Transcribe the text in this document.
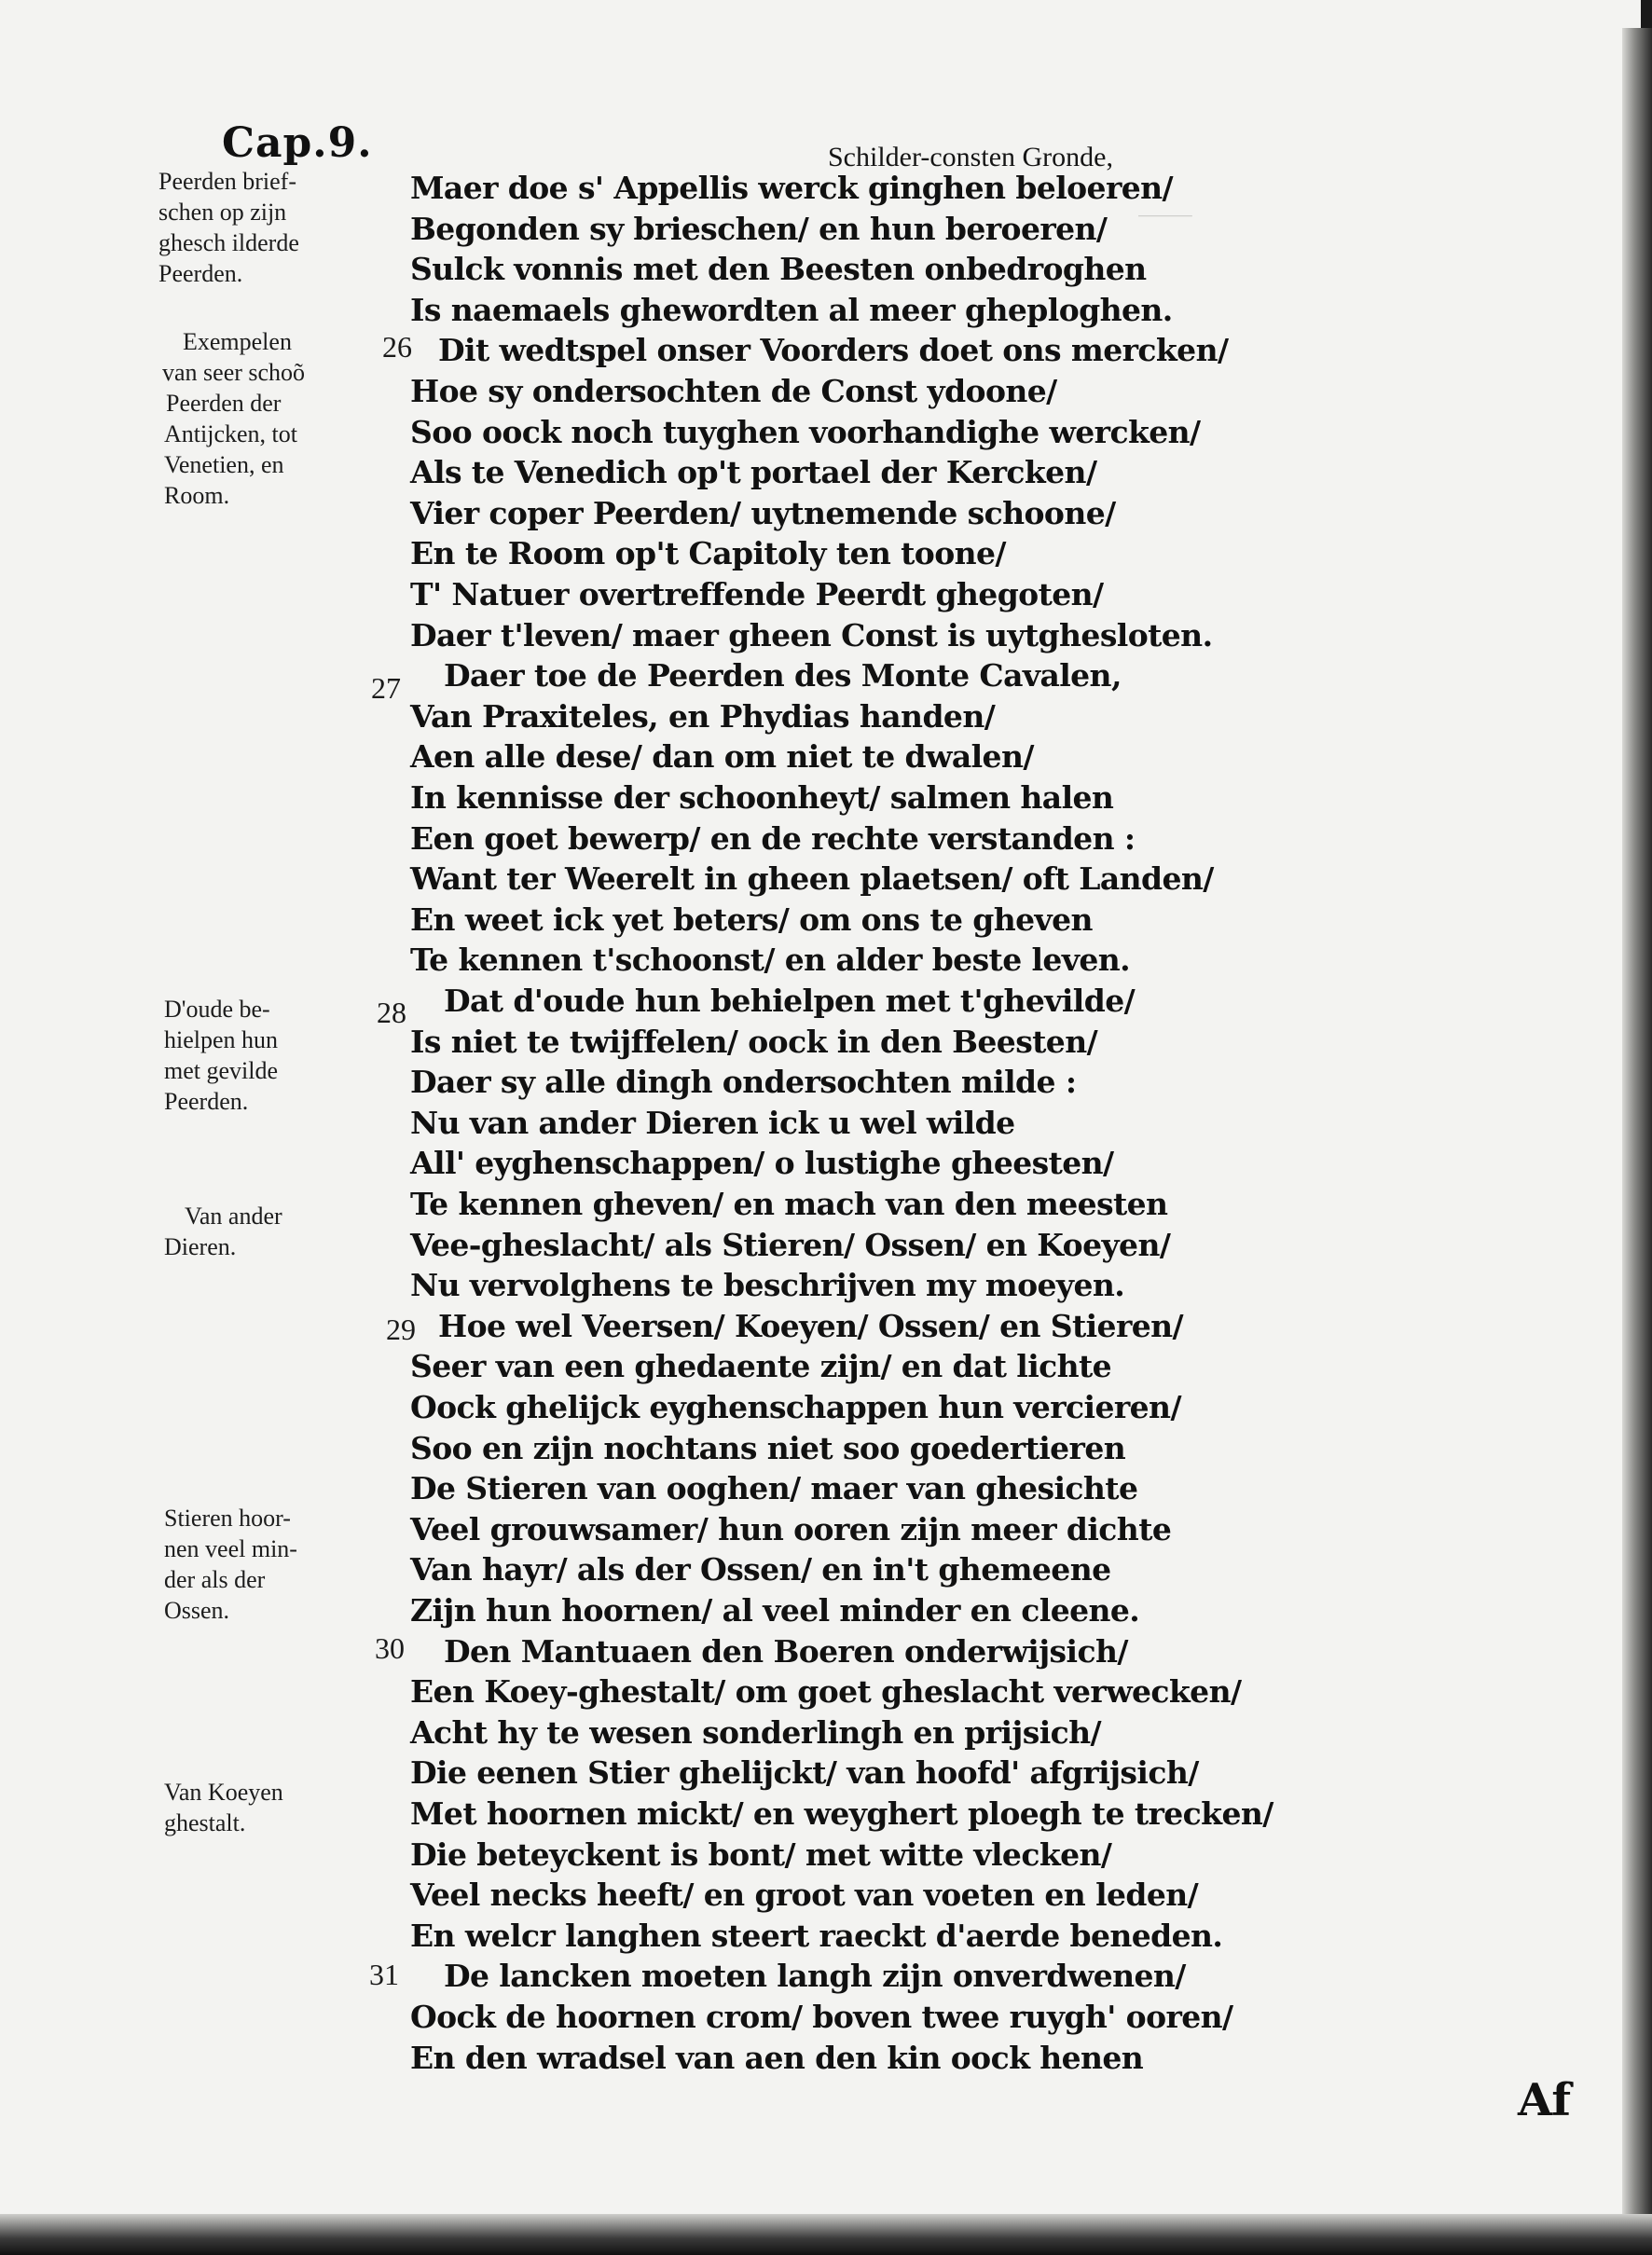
Cap.9.	Schilder-consten Gronde,
Peerden brief-
schen op zijn
ghesch ilderde
Peerden.
Exempelen
van seer schoõ
Peerden der
Antijcken, tot
Venetien, en
Room.
D'oude be-
hielpen hun
met gevilde
Peerden.
Van ander
Dieren.
Stieren hoor-
nen veel min-
der als der
Ossen.
Van Koeyen
ghestalt.
26
27
28
29
30
31
Maer doe s' Appellis werck ginghen beloeren/
Begonden sy brieschen/ en hun beroeren/
Sulck vonnis met den Beesten onbedroghen
Is naemaels ghewordten al meer gheploghen.
Dit wedtspel onser Voorders doet ons mercken/
Hoe sy ondersochten de Const ydoone/
Soo oock noch tuyghen voorhandighe wercken/
Als te Venedich op't portael der Kercken/
Vier coper Peerden/ uytnemende schoone/
En te Room op't Capitoly ten toone/
T' Natuer overtreffende Peerdt ghegoten/
Daer t'leven/ maer gheen Const is uytghesloten.
Daer toe de Peerden des Monte Cavalen,
Van Praxiteles, en Phydias handen/
Aen alle dese/ dan om niet te dwalen/
In kennisse der schoonheyt/ salmen halen
Een goet bewerp/ en de rechte verstanden :
Want ter Weerelt in gheen plaetsen/ oft Landen/
En weet ick yet beters/ om ons te gheven
Te kennen t'schoonst/ en alder beste leven.
Dat d'oude hun behielpen met t'ghevilde/
Is niet te twijffelen/ oock in den Beesten/
Daer sy alle dingh ondersochten milde :
Nu van ander Dieren ick u wel wilde
All' eyghenschappen/ o lustighe gheesten/
Te kennen gheven/ en mach van den meesten
Vee-gheslacht/ als Stieren/ Ossen/ en Koeyen/
Nu vervolghens te beschrijven my moeyen.
Hoe wel Veersen/ Koeyen/ Ossen/ en Stieren/
Seer van een ghedaente zijn/ en dat lichte
Oock ghelijck eyghenschappen hun vercieren/
Soo en zijn nochtans niet soo goedertieren
De Stieren van ooghen/ maer van ghesichte
Veel grouwsamer/ hun ooren zijn meer dichte
Van hayr/ als der Ossen/ en in't ghemeene
Zijn hun hoornen/ al veel minder en cleene.
Den Mantuaen den Boeren onderwijsich/
Een Koey-ghestalt/ om goet gheslacht verwecken/
Acht hy te wesen sonderlingh en prijsich/
Die eenen Stier ghelijckt/ van hoofd' afgrijsich/
Met hoornen mickt/ en weyghert ploegh te trecken/
Die beteyckent is bont/ met witte vlecken/
Veel necks heeft/ en groot van voeten en leden/
En welcr langhen steert raeckt d'aerde beneden.
De lancken moeten langh zijn onverdwenen/
Oock de hoornen crom/ boven twee ruygh' ooren/
En den wradsel van aen den kin oock henen
Af
⸻
